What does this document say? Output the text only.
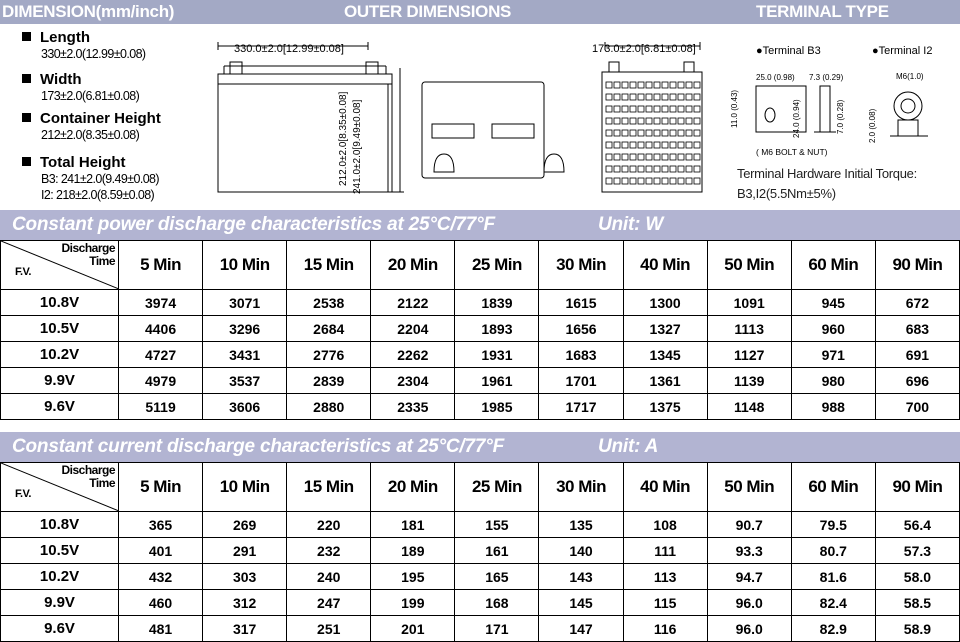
DIMENSION(mm/inch)	OUTER DIMENSIONS	TERMINAL TYPE
Length
330±2.0(12.99±0.08)
Width
173±2.0(6.81±0.08)
Container Height
212±2.0(8.35±0.08)
Total Height
B3: 241±2.0(9.49±0.08)
I2: 218±2.0(8.59±0.08)
330.0±2.0[12.99±0.08]	173.0±2.0[6.81±0.08]
212.0±2.0[8.35±0.08] 241.0±2.0[9.49±0.08]
●Terminal B3	●Terminal I2
25.0 (0.98) 7.3 (0.29)
11.0 (0.43)	24.0 (0.94)	7.0 (0.28)
( M6 BOLT & NUT)
M6(1.0)
2.0 (0.08)
Terminal Hardware Initial Torque:
B3,I2(5.5Nm±5%)
Constant power discharge characteristics at 25°C/77°F	Unit: W
Discharge
Time
F.V.	5 Min	10 Min	15 Min	20 Min	25 Min	30 Min	40 Min	50 Min	60 Min	90 Min
10.8V	3974	3071	2538	2122	1839	1615	1300	1091	945	672
10.5V	4406	3296	2684	2204	1893	1656	1327	1113	960	683
10.2V	4727	3431	2776	2262	1931	1683	1345	1127	971	691
9.9V	4979	3537	2839	2304	1961	1701	1361	1139	980	696
9.6V	5119	3606	2880	2335	1985	1717	1375	1148	988	700
Constant current discharge characteristics at 25°C/77°F	Unit: A
Discharge
Time
F.V.	5 Min	10 Min	15 Min	20 Min	25 Min	30 Min	40 Min	50 Min	60 Min	90 Min
10.8V	365	269	220	181	155	135	108	90.7	79.5	56.4
10.5V	401	291	232	189	161	140	111	93.3	80.7	57.3
10.2V	432	303	240	195	165	143	113	94.7	81.6	58.0
9.9V	460	312	247	199	168	145	115	96.0	82.4	58.5
9.6V	481	317	251	201	171	147	116	96.0	82.9	58.9
